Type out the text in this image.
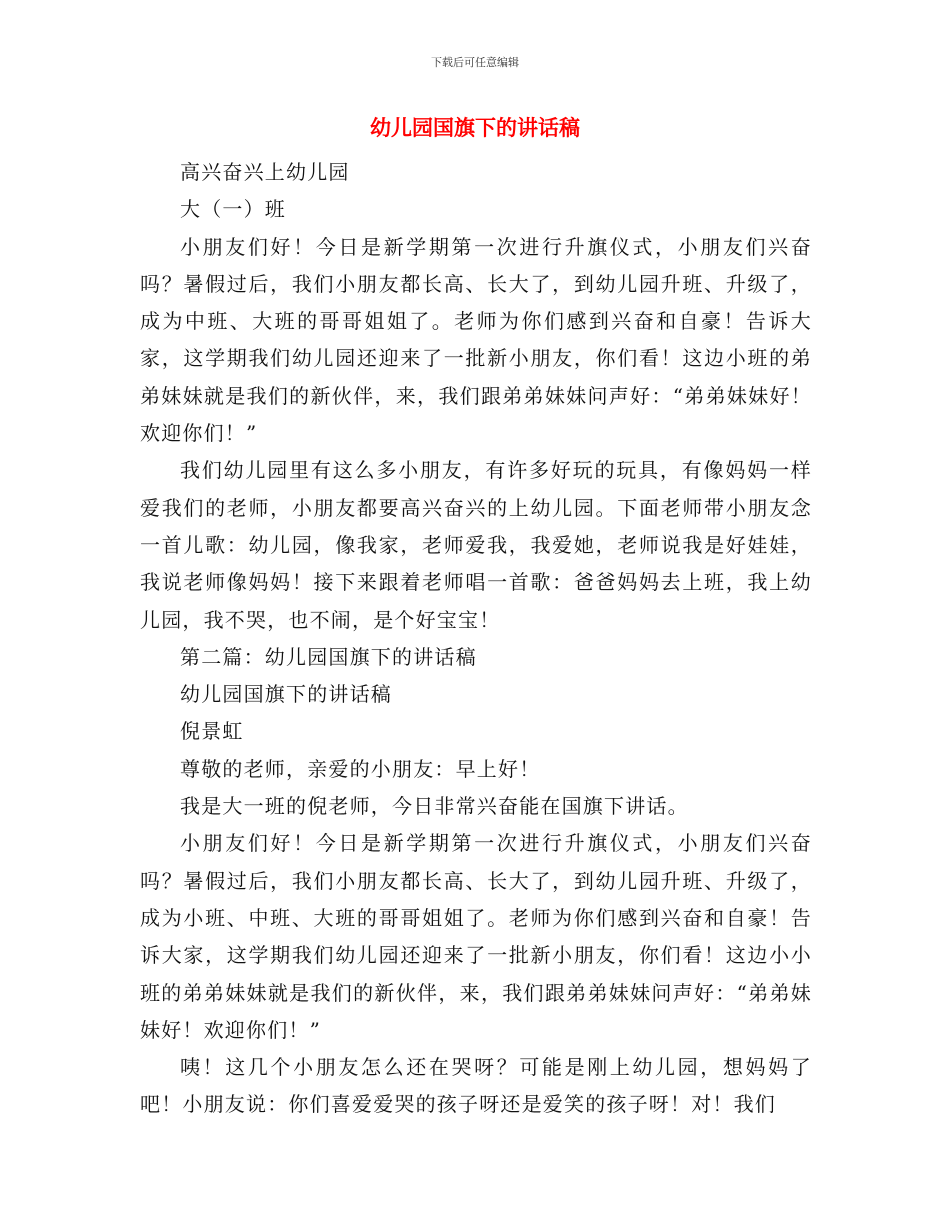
下载后可任意编辑
幼儿园国旗下的讲话稿

高兴奋兴上幼儿园

大（一）班

小朋友们好！今日是新学期第一次进行升旗仪式，小朋友们兴奋吗？暑假过后，我们小朋友都长高、长大了，到幼儿园升班、升级了，成为中班、大班的哥哥姐姐了。老师为你们感到兴奋和自豪！告诉大家，这学期我们幼儿园还迎来了一批新小朋友，你们看！这边小班的弟弟妹妹就是我们的新伙伴，来，我们跟弟弟妹妹问声好：“弟弟妹妹好！欢迎你们！”

我们幼儿园里有这么多小朋友，有许多好玩的玩具，有像妈妈一样爱我们的老师，小朋友都要高兴奋兴的上幼儿园。下面老师带小朋友念一首儿歌：幼儿园，像我家，老师爱我，我爱她，老师说我是好娃娃，我说老师像妈妈！接下来跟着老师唱一首歌：爸爸妈妈去上班，我上幼儿园，我不哭，也不闹，是个好宝宝！

第二篇：幼儿园国旗下的讲话稿

幼儿园国旗下的讲话稿

倪景虹

尊敬的老师，亲爱的小朋友：早上好！

我是大一班的倪老师，今日非常兴奋能在国旗下讲话。

小朋友们好！今日是新学期第一次进行升旗仪式，小朋友们兴奋吗？暑假过后，我们小朋友都长高、长大了，到幼儿园升班、升级了，成为小班、中班、大班的哥哥姐姐了。老师为你们感到兴奋和自豪！告诉大家，这学期我们幼儿园还迎来了一批新小朋友，你们看！这边小小班的弟弟妹妹就是我们的新伙伴，来，我们跟弟弟妹妹问声好：“弟弟妹妹好！欢迎你们！”

咦！这几个小朋友怎么还在哭呀？可能是刚上幼儿园，想妈妈了吧！小朋友说：你们喜爱爱哭的孩子呀还是爱笑的孩子呀！对！我们
